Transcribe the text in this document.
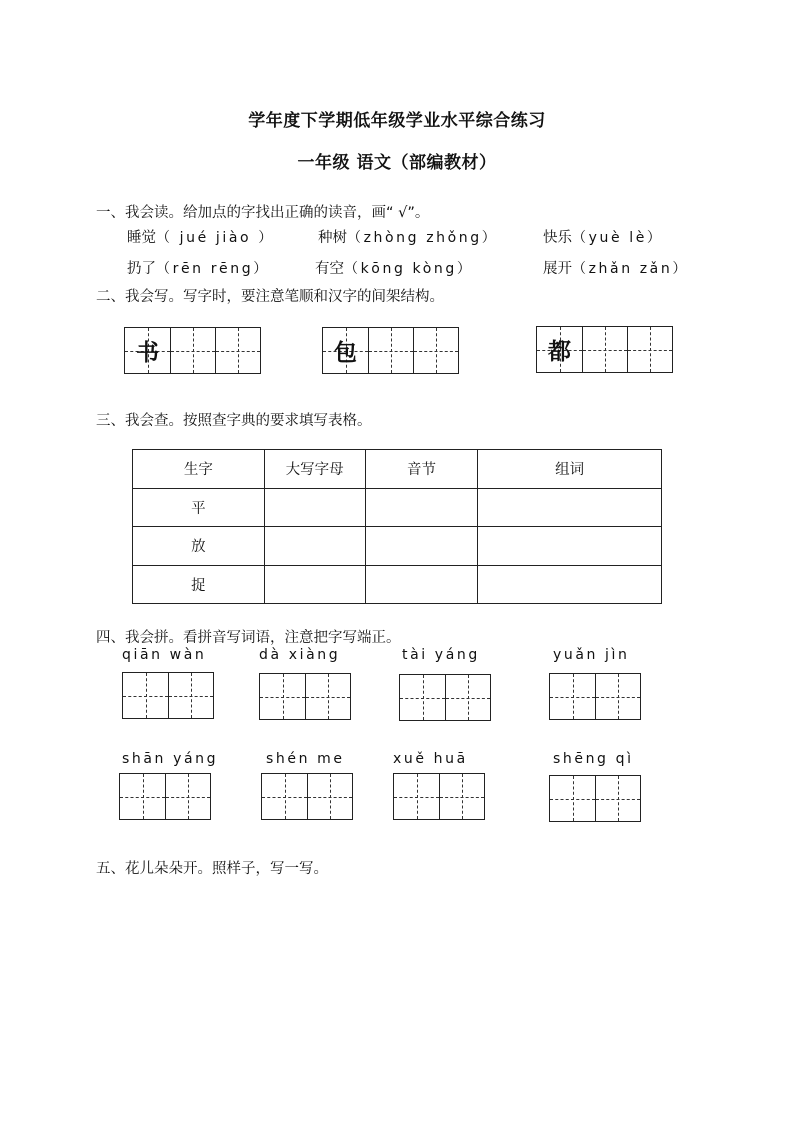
学年度下学期低年级学业水平综合练习
一年级 语文（部编教材）
一、我会读。给加点的字找出正确的读音，画“ √”。
睡觉（ jué jiào ）	种树（zhòng zhǒng）	快乐（yuè lè）
扔了（rēn rēng）	有空（kōng kòng）	展开（zhǎn zǎn）
二、我会写。写字时，要注意笔顺和汉字的间架结构。
书	包	都
三、我会查。按照查字典的要求填写表格。
生字	大写字母	音节	组词
平			
放			
捉			
四、我会拼。看拼音写词语，注意把字写端正。
qiān wàn	dà xiàng	tài yáng	yuǎn jìn
shān yáng	shén me	xuě huā	shēng qì
五、花儿朵朵开。照样子，写一写。
